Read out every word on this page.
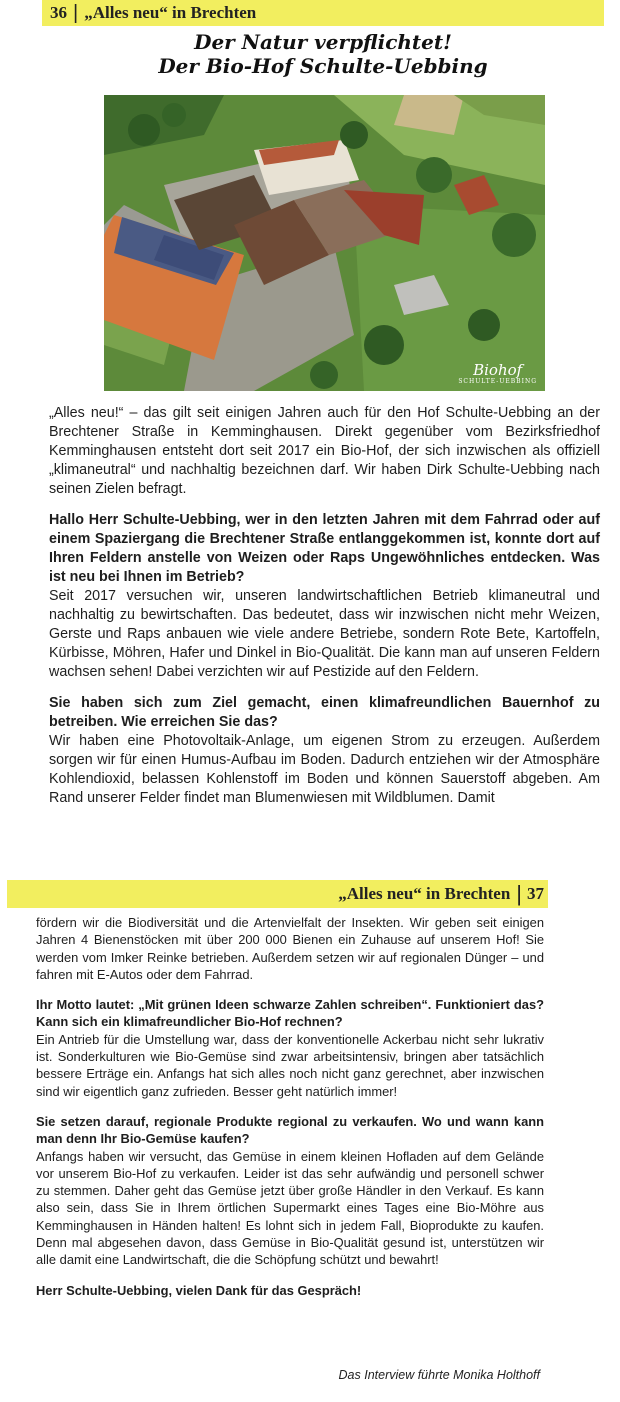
36 | „Alles neu“ in Brechten
Der Natur verpflichtet!
Der Bio-Hof Schulte-Uebbing
Biohof
SCHULTE-UEBBING

„Alles neu!“ – das gilt seit einigen Jahren auch für den Hof Schulte-Uebbing an der Brechtener Straße in Kemminghausen. Direkt gegenüber vom Bezirksfriedhof Kemminghausen entsteht dort seit 2017 ein Bio-Hof, der sich inzwischen als offiziell „klimaneutral“ und nachhaltig bezeichnen darf. Wir haben Dirk Schulte-Uebbing nach seinen Zielen befragt.

Hallo Herr Schulte-Uebbing, wer in den letzten Jahren mit dem Fahrrad oder auf einem Spaziergang die Brechtener Straße entlanggekommen ist, konnte dort auf Ihren Feldern anstelle von Weizen oder Raps Ungewöhnliches entdecken. Was ist neu bei Ihnen im Betrieb?

Seit 2017 versuchen wir, unseren landwirtschaftlichen Betrieb klimaneutral und nachhaltig zu bewirtschaften. Das bedeutet, dass wir inzwischen nicht mehr Weizen, Gerste und Raps anbauen wie viele andere Betriebe, sondern Rote Bete, Kartoffeln, Kürbisse, Möhren, Hafer und Dinkel in Bio-Qualität. Die kann man auf unseren Feldern wachsen sehen! Dabei verzichten wir auf Pestizide auf den Feldern.

Sie haben sich zum Ziel gemacht, einen klimafreundlichen Bauernhof zu betreiben. Wie erreichen Sie das?

Wir haben eine Photovoltaik-Anlage, um eigenen Strom zu erzeugen. Außerdem sorgen wir für einen Humus-Aufbau im Boden. Dadurch entziehen wir der Atmosphäre Kohlendioxid, belassen Kohlenstoff im Boden und können Sauerstoff abgeben. Am Rand unserer Felder findet man Blumenwiesen mit Wildblumen. Damit

„Alles neu“ in Brechten | 37

fördern wir die Biodiversität und die Artenvielfalt der Insekten. Wir geben seit einigen Jahren 4 Bienenstöcken mit über 200 000 Bienen ein Zuhause auf unserem Hof! Sie werden vom Imker Reinke betrieben. Außerdem setzen wir auf regionalen Dünger – und fahren mit E-Autos oder dem Fahrrad.

Ihr Motto lautet: „Mit grünen Ideen schwarze Zahlen schreiben“. Funktioniert das? Kann sich ein klimafreundlicher Bio-Hof rechnen?

Ein Antrieb für die Umstellung war, dass der konventionelle Ackerbau nicht sehr lukrativ ist. Sonderkulturen wie Bio-Gemüse sind zwar arbeitsintensiv, bringen aber tatsächlich bessere Erträge ein. Anfangs hat sich alles noch nicht ganz gerechnet, aber inzwischen sind wir eigentlich ganz zufrieden. Besser geht natürlich immer!

Sie setzen darauf, regionale Produkte regional zu verkaufen. Wo und wann kann man denn Ihr Bio-Gemüse kaufen?

Anfangs haben wir versucht, das Gemüse in einem kleinen Hofladen auf dem Gelände vor unserem Bio-Hof zu verkaufen. Leider ist das sehr aufwändig und personell schwer zu stemmen. Daher geht das Gemüse jetzt über große Händler in den Verkauf. Es kann also sein, dass Sie in Ihrem örtlichen Supermarkt eines Tages eine Bio-Möhre aus Kemminghausen in Händen halten! Es lohnt sich in jedem Fall, Bioprodukte zu kaufen. Denn mal abgesehen davon, dass Gemüse in Bio-Qualität gesund ist, unterstützen wir alle damit eine Landwirtschaft, die die Schöpfung schützt und bewahrt!

Herr Schulte-Uebbing, vielen Dank für das Gespräch!

Das Interview führte Monika Holthoff
